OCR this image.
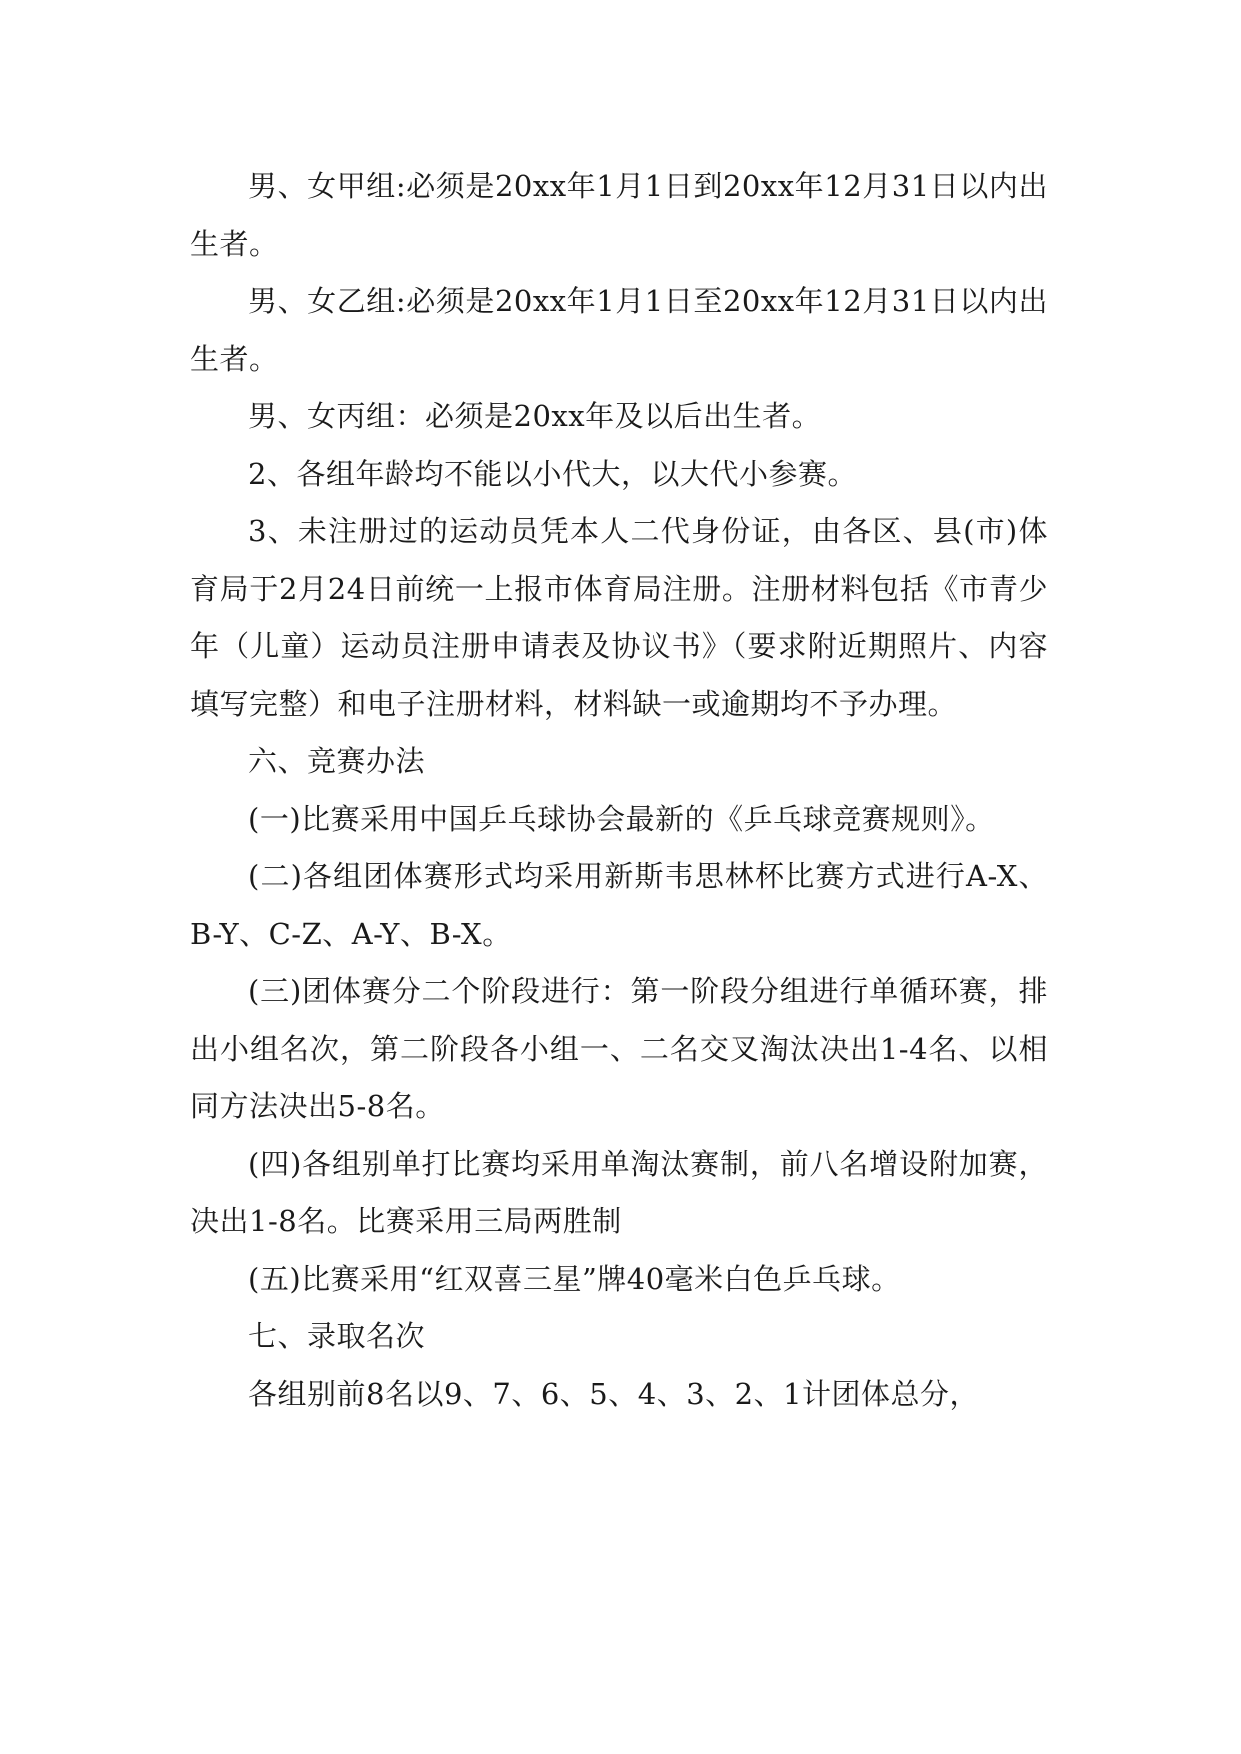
男、女甲组:必须是20xx年1月1日到20xx年12月31日以内出生者。

男、女乙组:必须是20xx年1月1日至20xx年12月31日以内出生者。

男、女丙组：必须是20xx年及以后出生者。

2、各组年龄均不能以小代大，以大代小参赛。

3、未注册过的运动员凭本人二代身份证，由各区、县(市)体育局于2月24日前统一上报市体育局注册。注册材料包括《市青少年（儿童）运动员注册申请表及协议书》（要求附近期照片、内容填写完整）和电子注册材料，材料缺一或逾期均不予办理。

六、竞赛办法

(一)比赛采用中国乒乓球协会最新的《乒乓球竞赛规则》。

(二)各组团体赛形式均采用新斯韦思林杯比赛方式进行A-X、B-Y、C-Z、A-Y、B-X。

(三)团体赛分二个阶段进行：第一阶段分组进行单循环赛，排出小组名次，第二阶段各小组一、二名交叉淘汰决出1-4名、以相同方法决出5-8名。

(四)各组别单打比赛均采用单淘汰赛制，前八名增设附加赛，决出1-8名。比赛采用三局两胜制

(五)比赛采用“红双喜三星”牌40毫米白色乒乓球。

七、录取名次

各组别前8名以9、7、6、5、4、3、2、1计团体总分，
